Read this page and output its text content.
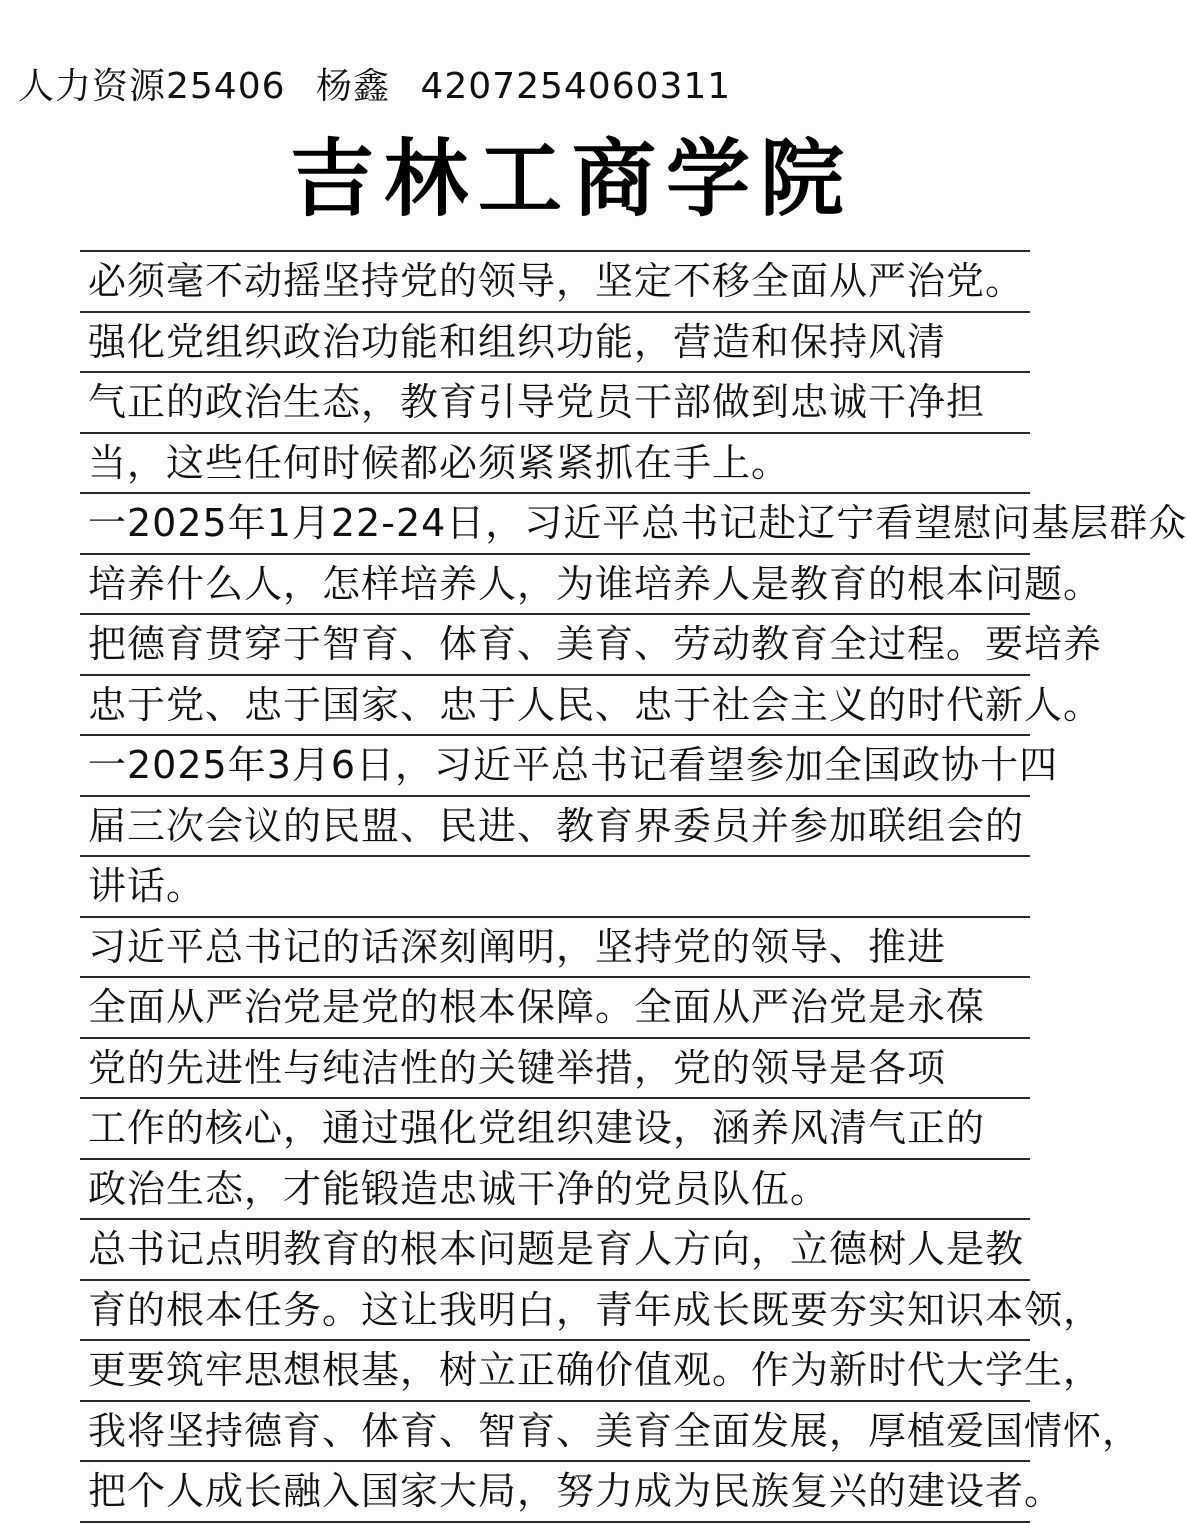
人力资源25406 杨鑫 4207254060311
吉林工商学院
必须毫不动摇坚持党的领导，坚定不移全面从严治党。
强化党组织政治功能和组织功能，营造和保持风清
气正的政治生态，教育引导党员干部做到忠诚干净担
当，这些任何时候都必须紧紧抓在手上。
一2025年1月22-24日，习近平总书记赴辽宁看望慰问基层群众
培养什么人，怎样培养人，为谁培养人是教育的根本问题。
把德育贯穿于智育、体育、美育、劳动教育全过程。要培养
忠于党、忠于国家、忠于人民、忠于社会主义的时代新人。
一2025年3月6日，习近平总书记看望参加全国政协十四
届三次会议的民盟、民进、教育界委员并参加联组会的
讲话。
习近平总书记的话深刻阐明，坚持党的领导、推进
全面从严治党是党的根本保障。全面从严治党是永葆
党的先进性与纯洁性的关键举措，党的领导是各项
工作的核心，通过强化党组织建设，涵养风清气正的
政治生态，才能锻造忠诚干净的党员队伍。
总书记点明教育的根本问题是育人方向，立德树人是教
育的根本任务。这让我明白，青年成长既要夯实知识本领，
更要筑牢思想根基，树立正确价值观。作为新时代大学生，
我将坚持德育、体育、智育、美育全面发展，厚植爱国情怀，
把个人成长融入国家大局，努力成为民族复兴的建设者。
